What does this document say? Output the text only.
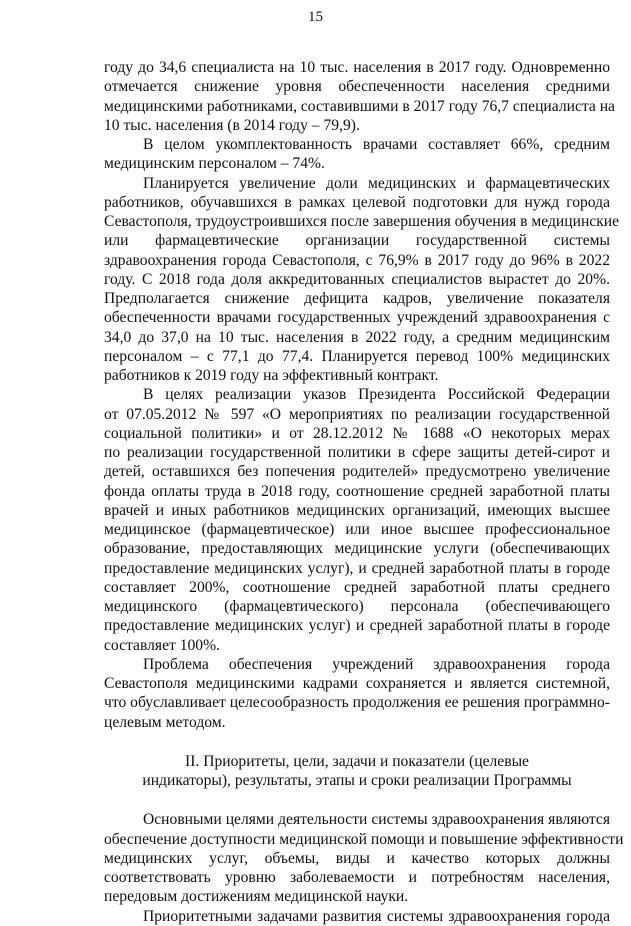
15
году до 34,6 специалиста на 10 тыс. населения в 2017 году. Одновременно
отмечается снижение уровня обеспеченности населения средними
медицинскими работниками, составившими в 2017 году 76,7 специалиста на
10 тыс. населения (в 2014 году – 79,9).
В целом укомплектованность врачами составляет 66%, средним
медицинским персоналом – 74%.
Планируется увеличение доли медицинских и фармацевтических
работников, обучавшихся в рамках целевой подготовки для нужд города
Севастополя, трудоустроившихся после завершения обучения в медицинские
или фармацевтические организации государственной системы
здравоохранения города Севастополя, с 76,9% в 2017 году до 96% в 2022
году. С 2018 года доля аккредитованных специалистов вырастет до 20%.
Предполагается снижение дефицита кадров, увеличение показателя
обеспеченности врачами государственных учреждений здравоохранения с
34,0 до 37,0 на 10 тыс. населения в 2022 году, а средним медицинским
персоналом – с 77,1 до 77,4. Планируется перевод 100% медицинских
работников к 2019 году на эффективный контракт.
В целях реализации указов Президента Российской Федерации
от 07.05.2012 № 597 «О мероприятиях по реализации государственной
социальной политики» и от 28.12.2012 № 1688 «О некоторых мерах
по реализации государственной политики в сфере защиты детей-сирот и
детей, оставшихся без попечения родителей» предусмотрено увеличение
фонда оплаты труда в 2018 году, соотношение средней заработной платы
врачей и иных работников медицинских организаций, имеющих высшее
медицинское (фармацевтическое) или иное высшее профессиональное
образование, предоставляющих медицинские услуги (обеспечивающих
предоставление медицинских услуг), и средней заработной платы в городе
составляет 200%, соотношение средней заработной платы среднего
медицинского (фармацевтического) персонала (обеспечивающего
предоставление медицинских услуг) и средней заработной платы в городе
составляет 100%.
Проблема обеспечения учреждений здравоохранения города
Севастополя медицинскими кадрами сохраняется и является системной,
что обуславливает целесообразность продолжения ее решения программно-
целевым методом.
II. Приоритеты, цели, задачи и показатели (целевые
индикаторы), результаты, этапы и сроки реализации Программы
Основными целями деятельности системы здравоохранения являются
обеспечение доступности медицинской помощи и повышение эффективности
медицинских услуг, объемы, виды и качество которых должны
соответствовать уровню заболеваемости и потребностям населения,
передовым достижениям медицинской науки.
Приоритетными задачами развития системы здравоохранения города
